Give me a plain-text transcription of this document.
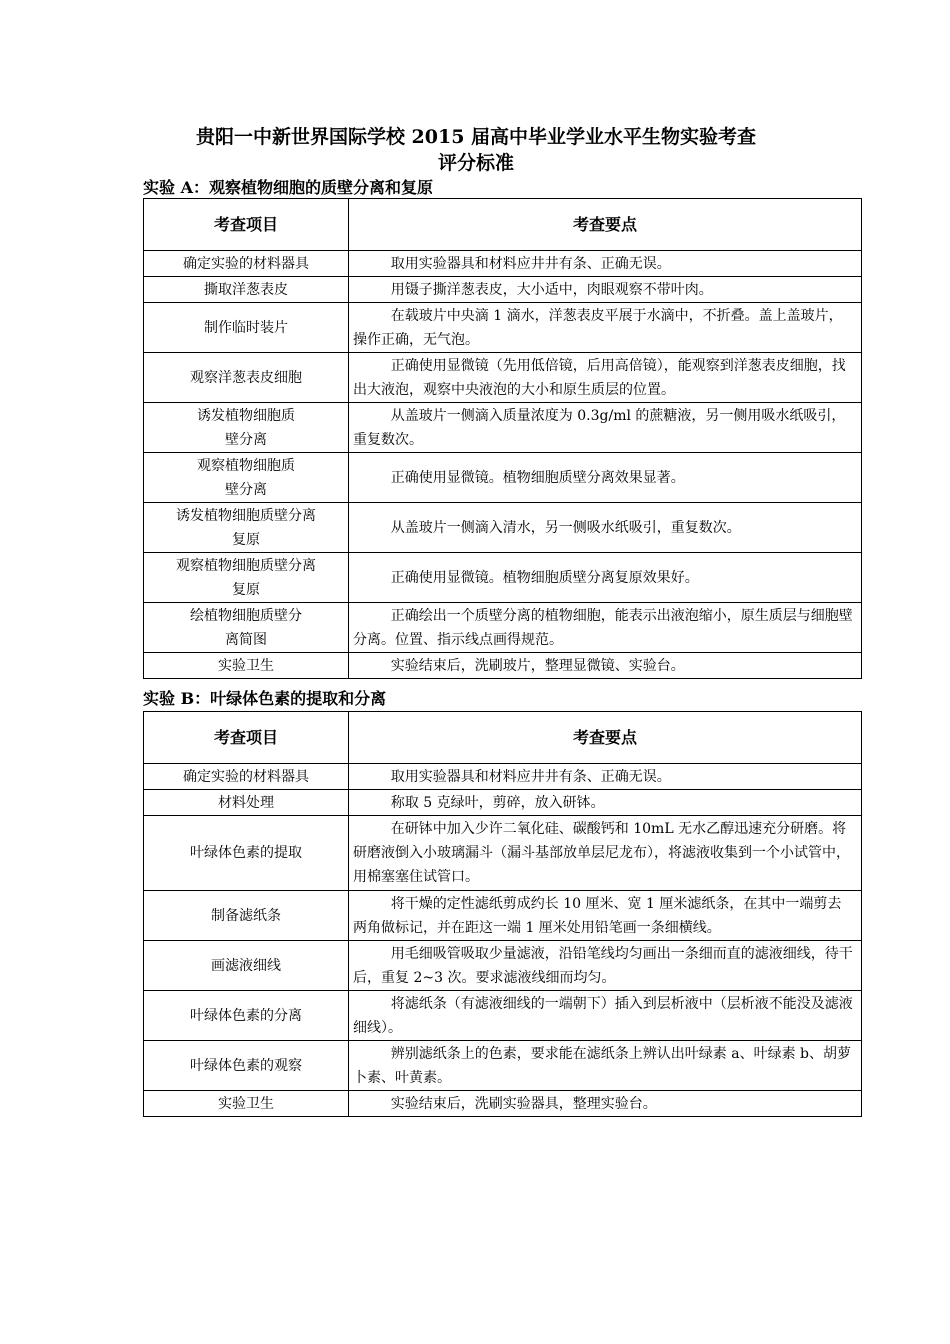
贵阳一中新世界国际学校 2015 届高中毕业学业水平生物实验考查
评分标准
实验 A：观察植物细胞的质壁分离和复原
考查项目	考查要点
确定实验的材料器具	取用实验器具和材料应井井有条、正确无误。

撕取洋葱表皮	用镊子撕洋葱表皮，大小适中，肉眼观察不带叶肉。

制作临时装片	在载玻片中央滴 1 滴水，洋葱表皮平展于水滴中，不折叠。盖上盖玻片，操作正确，无气泡。

观察洋葱表皮细胞	正确使用显微镜（先用低倍镜，后用高倍镜），能观察到洋葱表皮细胞，找出大液泡，观察中央液泡的大小和原生质层的位置。

诱发植物细胞质壁分离	从盖玻片一侧滴入质量浓度为 0.3g/ml 的蔗糖液，另一侧用吸水纸吸引，重复数次。

观察植物细胞质壁分离	正确使用显微镜。植物细胞质壁分离效果显著。

诱发植物细胞质壁分离复原	从盖玻片一侧滴入清水，另一侧吸水纸吸引，重复数次。

观察植物细胞质壁分离复原	正确使用显微镜。植物细胞质壁分离复原效果好。

绘植物细胞质壁分离简图	正确绘出一个质壁分离的植物细胞，能表示出液泡缩小，原生质层与细胞壁分离。位置、指示线点画得规范。

实验卫生	实验结束后，洗刷玻片，整理显微镜、实验台。
实验 B：叶绿体色素的提取和分离
考查项目	考查要点
确定实验的材料器具	取用实验器具和材料应井井有条、正确无误。

材料处理	称取 5 克绿叶，剪碎，放入研钵。

叶绿体色素的提取	在研钵中加入少许二氧化硅、碳酸钙和 10mL 无水乙醇迅速充分研磨。将研磨液倒入小玻璃漏斗（漏斗基部放单层尼龙布），将滤液收集到一个小试管中，用棉塞塞住试管口。

制备滤纸条	将干燥的定性滤纸剪成约长 10 厘米、宽 1 厘米滤纸条，在其中一端剪去两角做标记，并在距这一端 1 厘米处用铅笔画一条细横线。

画滤液细线	用毛细吸管吸取少量滤液，沿铅笔线均匀画出一条细而直的滤液细线，待干后，重复 2~3 次。要求滤液线细而均匀。

叶绿体色素的分离	将滤纸条（有滤液细线的一端朝下）插入到层析液中（层析液不能没及滤液细线）。

叶绿体色素的观察	辨别滤纸条上的色素，要求能在滤纸条上辨认出叶绿素 a、叶绿素 b、胡萝卜素、叶黄素。

实验卫生	实验结束后，洗刷实验器具，整理实验台。
